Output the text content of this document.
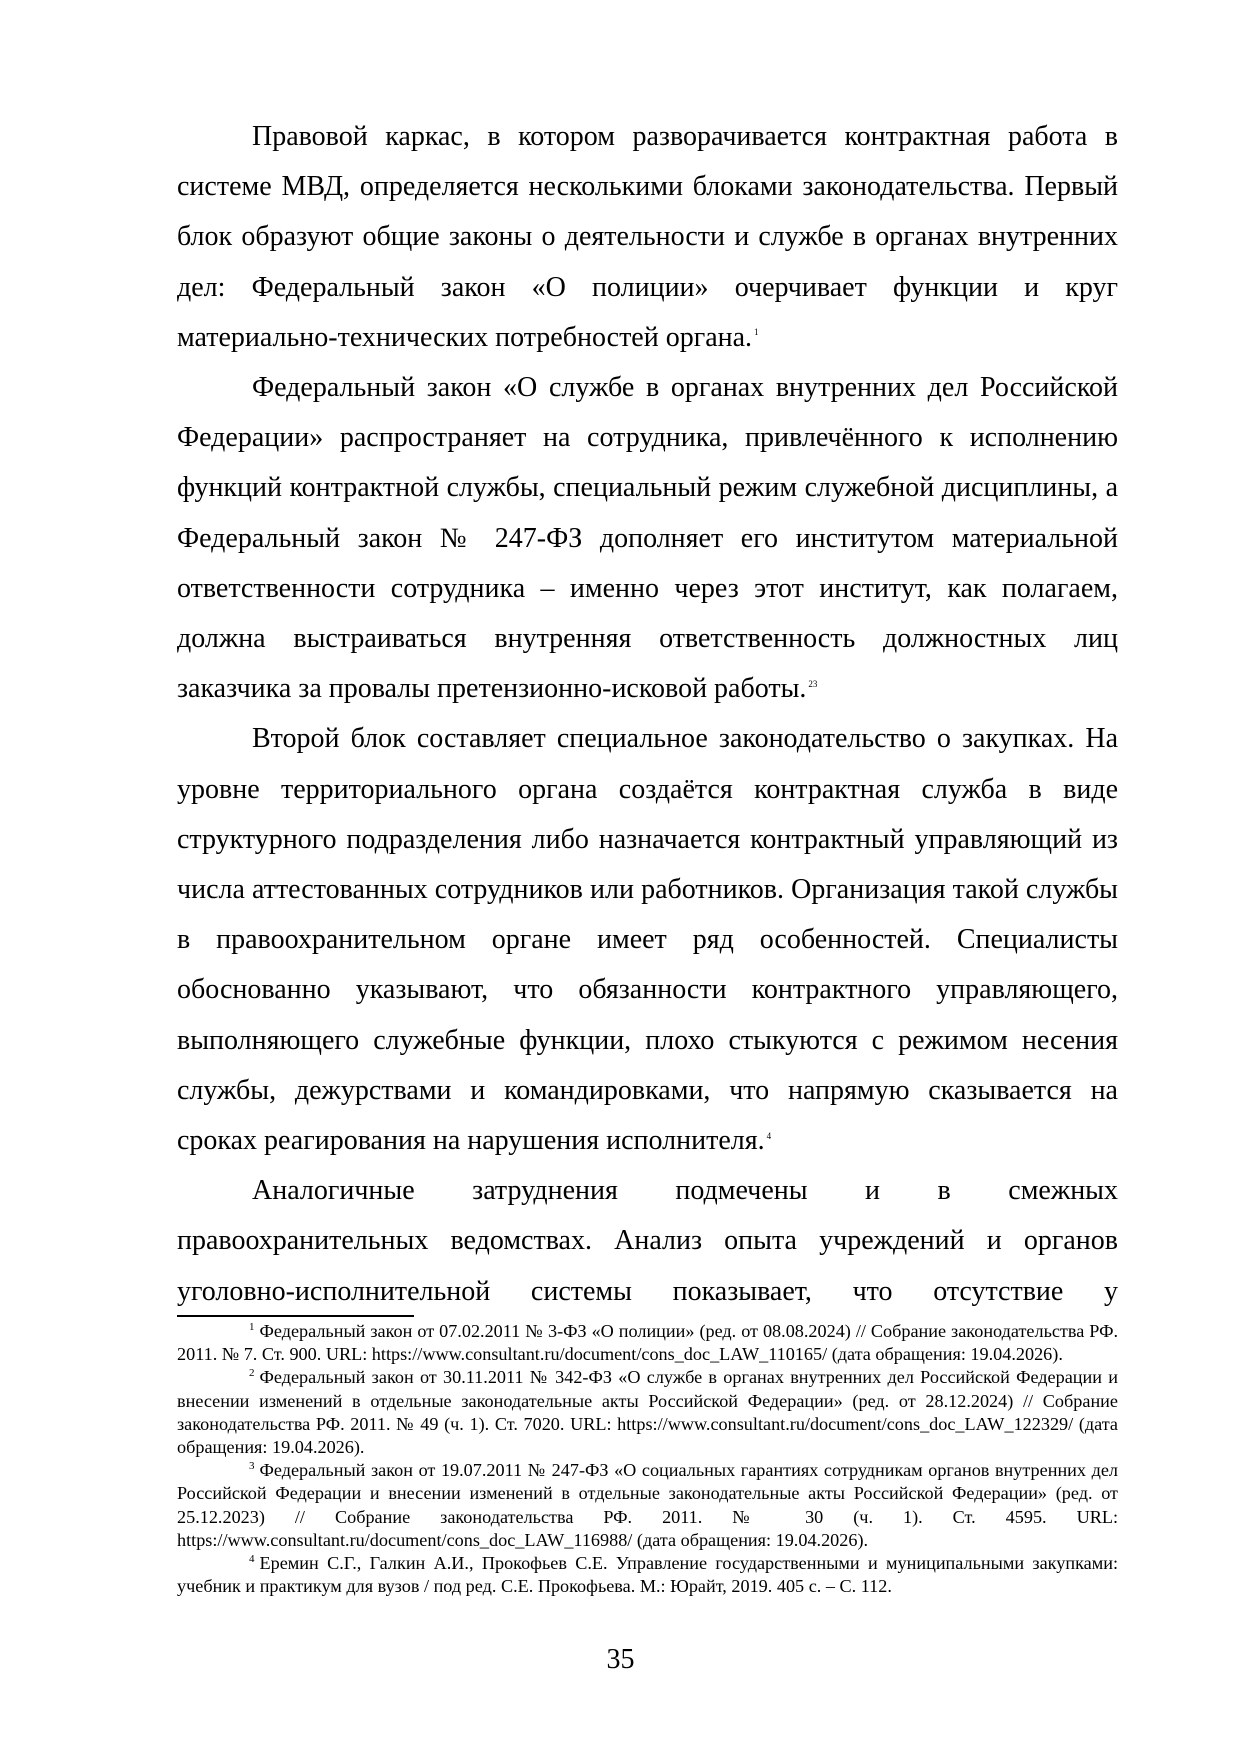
Правовой каркас, в котором разворачивается контрактная работа в системе МВД, определяется несколькими блоками законодательства. Первый блок образуют общие законы о деятельности и службе в органах внутренних дел: Федеральный закон «О полиции» очерчивает функции и круг материально-технических потребностей органа. $^1$

Федеральный закон «О службе в органах внутренних дел Российской Федерации» распространяет на сотрудника, привлечённого к исполнению функций контрактной службы, специальный режим служебной дисциплины, а Федеральный закон № 247-ФЗ дополняет его институтом материальной ответственности сотрудника – именно через этот институт, как полагаем, должна выстраиваться внутренняя ответственность должностных лиц заказчика за провалы претензионно-исковой работы. $^{23}$

Второй блок составляет специальное законодательство о закупках. На уровне территориального органа создаётся контрактная служба в виде структурного подразделения либо назначается контрактный управляющий из числа аттестованных сотрудников или работников. Организация такой службы в правоохранительном органе имеет ряд особенностей. Специалисты обоснованно указывают, что обязанности контрактного управляющего, выполняющего служебные функции, плохо стыкуются с режимом несения службы, дежурствами и командировками, что напрямую сказывается на сроках реагирования на нарушения исполнителя. $^4$

Аналогичные затруднения подмечены и в смежных правоохранительных ведомствах. Анализ опыта учреждений и органов уголовно-исполнительной системы показывает, что отсутствие у

$^1$ Федеральный закон от 07.02.2011 № 3-ФЗ «О полиции» (ред. от 08.08.2024) // Собрание законодательства РФ. 2011. № 7. Ст. 900. URL: https://www.consultant.ru/document/cons_doc_LAW_110165/ (дата обращения: 19.04.2026).

$^2$ Федеральный закон от 30.11.2011 № 342-ФЗ «О службе в органах внутренних дел Российской Федерации и внесении изменений в отдельные законодательные акты Российской Федерации» (ред. от 28.12.2024) // Собрание законодательства РФ. 2011. № 49 (ч. 1). Ст. 7020. URL: https://www.consultant.ru/document/cons_doc_LAW_122329/ (дата обращения: 19.04.2026).

$^3$ Федеральный закон от 19.07.2011 № 247-ФЗ «О социальных гарантиях сотрудникам органов внутренних дел Российской Федерации и внесении изменений в отдельные законодательные акты Российской Федерации» (ред. от 25.12.2023) // Собрание законодательства РФ. 2011. № 30 (ч. 1). Ст. 4595. URL: https://www.consultant.ru/document/cons_doc_LAW_116988/ (дата обращения: 19.04.2026).

$^4$ Еремин С.Г., Галкин А.И., Прокофьев С.Е. Управление государственными и муниципальными закупками: учебник и практикум для вузов / под ред. С.Е. Прокофьева. М.: Юрайт, 2019. 405 с. – С. 112.

35
